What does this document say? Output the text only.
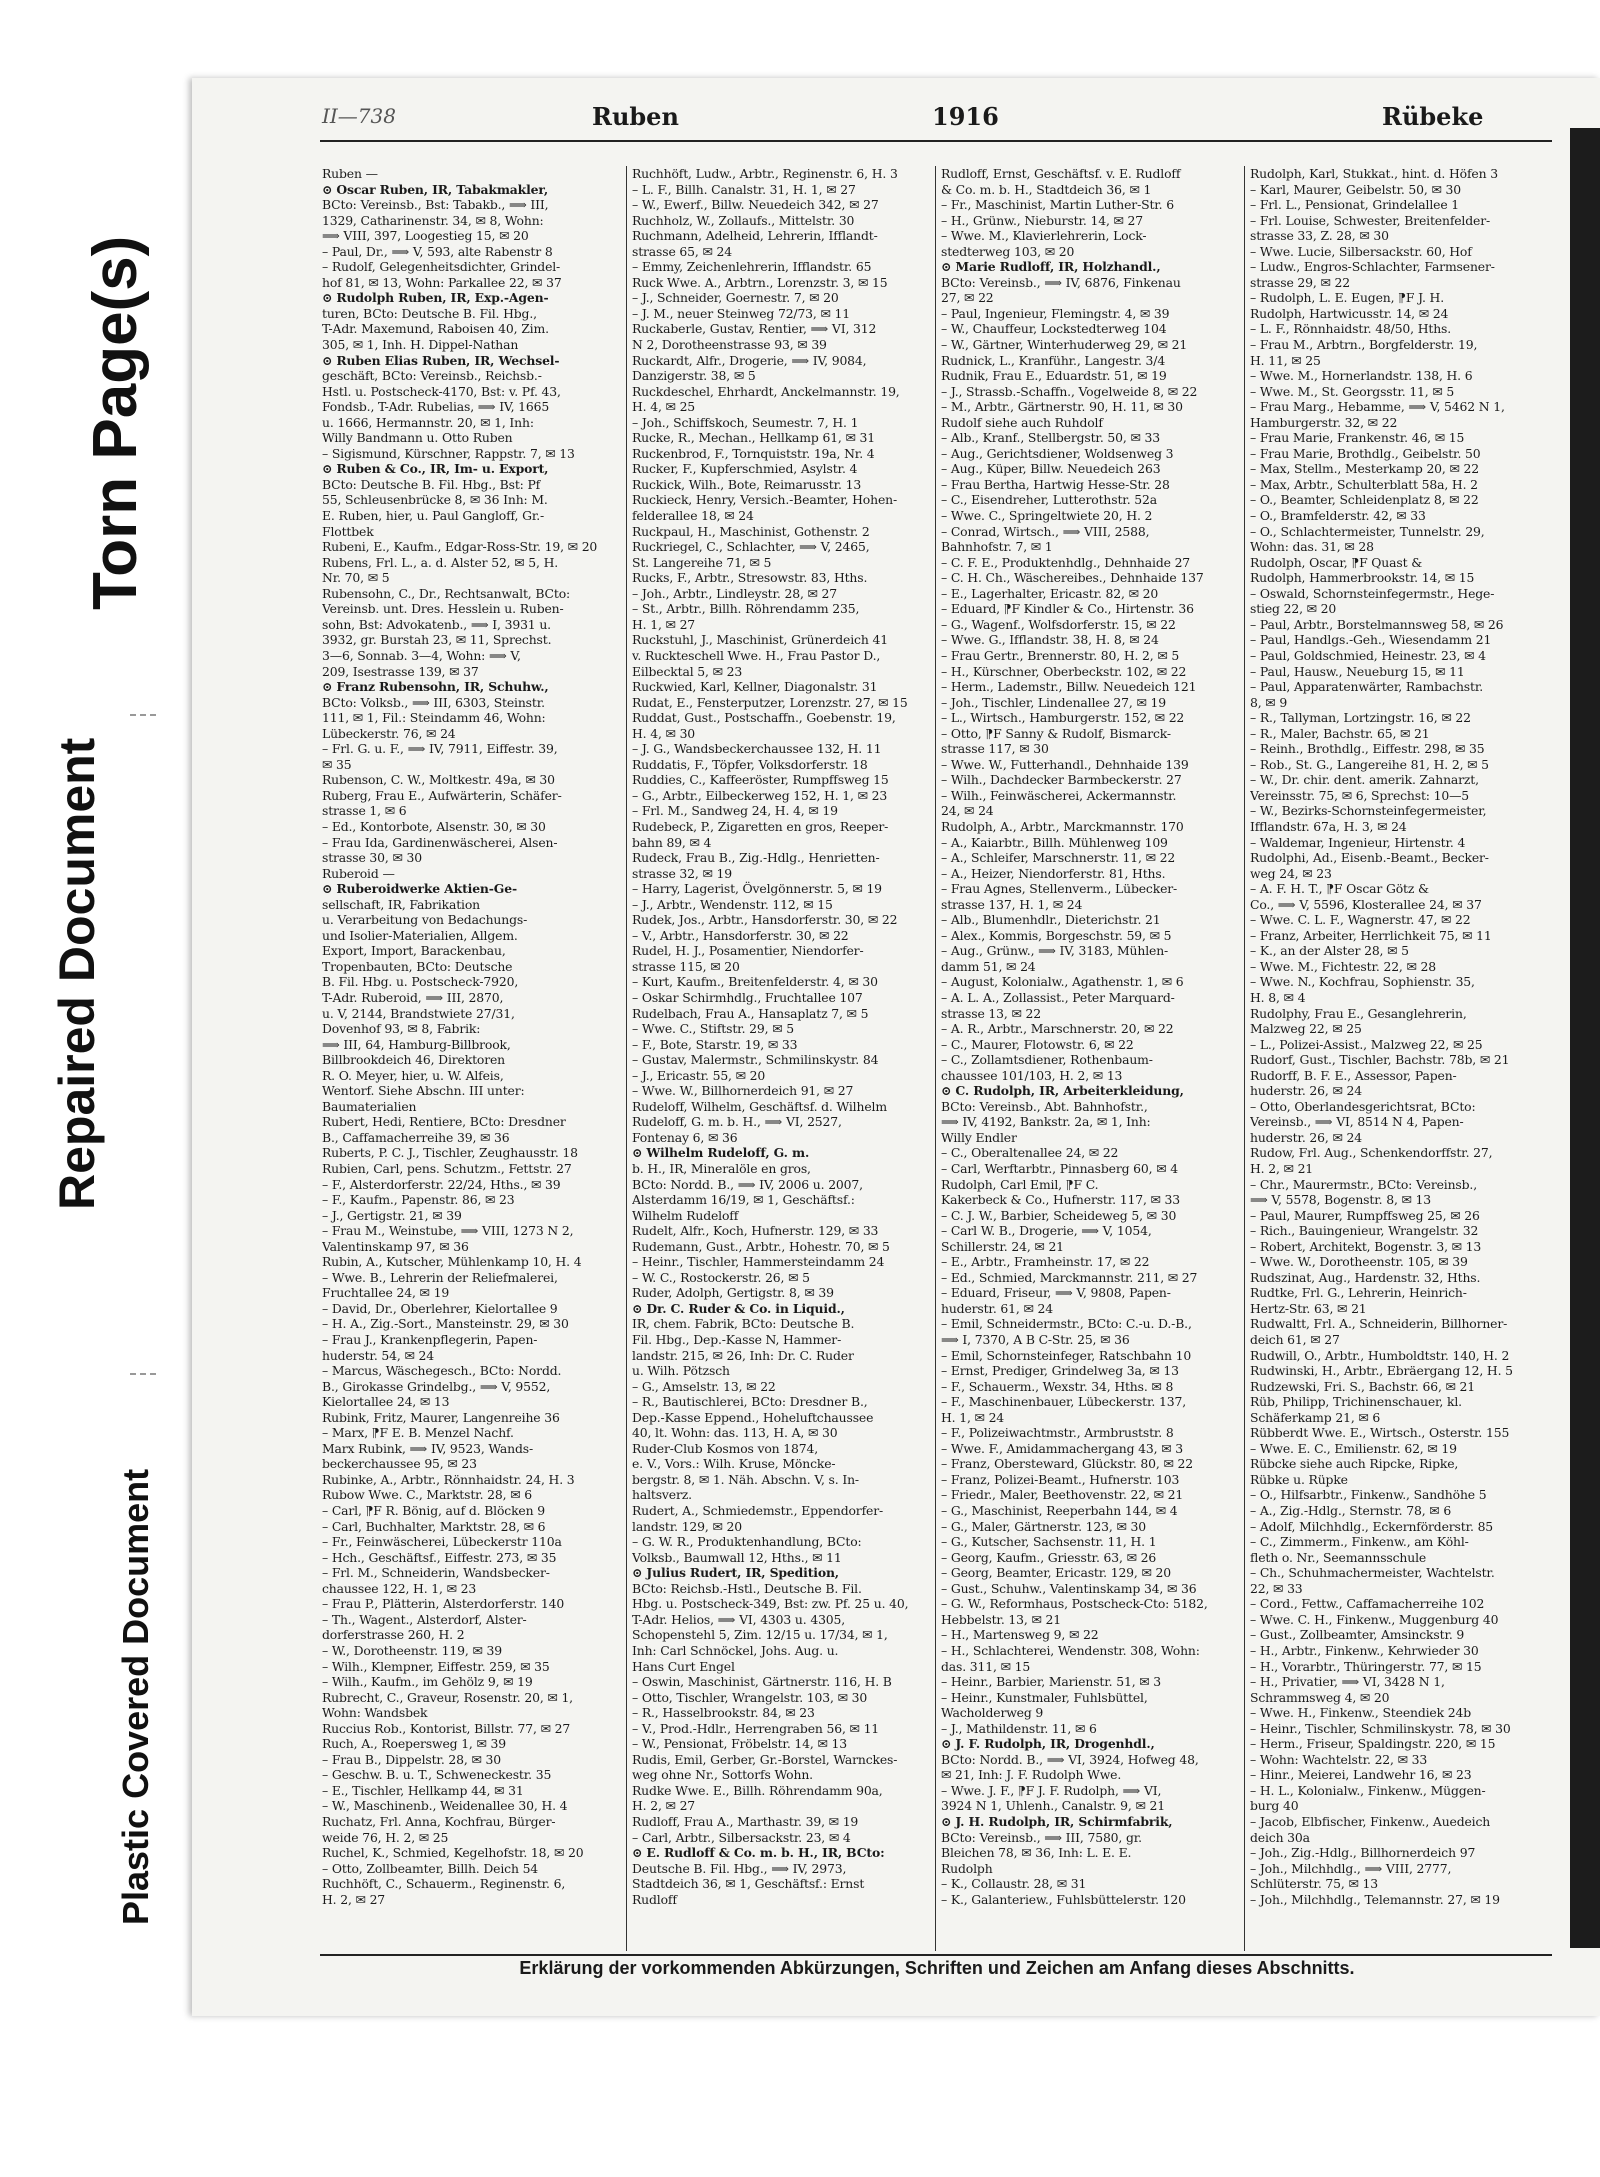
Torn Page(s)
Repaired Document
Plastic Covered Document
II—738	Ruben	1916	Rübeke
Ruben —
⊙ Oscar Ruben, IR, Tabakmakler,
BCto: Vereinsb., Bst: Tabakb., ⟹ III,
1329, Catharinenstr. 34, ✉ 8, Wohn:
⟹ VIII, 397, Loogestieg 15, ✉ 20
– Paul, Dr., ⟹ V, 593, alte Rabenstr 8
– Rudolf, Gelegenheitsdichter, Grindel-
hof 81, ✉ 13, Wohn: Parkallee 22, ✉ 37
⊙ Rudolph Ruben, IR, Exp.-Agen-
turen, BCto: Deutsche B. Fil. Hbg.,
T-Adr. Maxemund, Raboisen 40, Zim.
305, ✉ 1, Inh. H. Dippel-Nathan
⊙ Ruben Elias Ruben, IR, Wechsel-
geschäft, BCto: Vereinsb., Reichsb.-
Hstl. u. Postscheck-4170, Bst: v. Pf. 43,
Fondsb., T-Adr. Rubelias, ⟹ IV, 1665
u. 1666, Hermannstr. 20, ✉ 1, Inh:
Willy Bandmann u. Otto Ruben
– Sigismund, Kürschner, Rappstr. 7, ✉ 13
⊙ Ruben & Co., IR, Im- u. Export,
BCto: Deutsche B. Fil. Hbg., Bst: Pf
55, Schleusenbrücke 8, ✉ 36 Inh: M.
E. Ruben, hier, u. Paul Gangloff, Gr.-
Flottbek
Rubeni, E., Kaufm., Edgar-Ross-Str. 19, ✉ 20
Rubens, Frl. L., a. d. Alster 52, ✉ 5, H.
Nr. 70, ✉ 5
Rubensohn, C., Dr., Rechtsanwalt, BCto:
Vereinsb. unt. Dres. Hesslein u. Ruben-
sohn, Bst: Advokatenb., ⟹ I, 3931 u.
3932, gr. Burstah 23, ✉ 11, Sprechst.
3—6, Sonnab. 3—4, Wohn: ⟹ V,
209, Isestrasse 139, ✉ 37
⊙ Franz Rubensohn, IR, Schuhw.,
BCto: Volksb., ⟹ III, 6303, Steinstr.
111, ✉ 1, Fil.: Steindamm 46, Wohn:
Lübeckerstr. 76, ✉ 24
– Frl. G. u. F., ⟹ IV, 7911, Eiffestr. 39,
✉ 35
Rubenson, C. W., Moltkestr. 49a, ✉ 30
Ruberg, Frau E., Aufwärterin, Schäfer-
strasse 1, ✉ 6
– Ed., Kontorbote, Alsenstr. 30, ✉ 30
– Frau Ida, Gardinenwäscherei, Alsen-
strasse 30, ✉ 30
Ruberoid —
⊙ Ruberoidwerke Aktien-Ge-
sellschaft, IR, Fabrikation
u. Verarbeitung von Bedachungs-
und Isolier-Materialien, Allgem.
Export, Import, Barackenbau,
Tropenbauten, BCto: Deutsche
B. Fil. Hbg. u. Postscheck-7920,
T-Adr. Ruberoid, ⟹ III, 2870,
u. V, 2144, Brandstwiete 27/31,
Dovenhof 93, ✉ 8, Fabrik:
⟹ III, 64, Hamburg-Billbrook,
Billbrookdeich 46, Direktoren
R. O. Meyer, hier, u. W. Alfeis,
Wentorf. Siehe Abschn. III unter:
Baumaterialien
Rubert, Hedi, Rentiere, BCto: Dresdner
B., Caffamacherreihe 39, ✉ 36
Ruberts, P. C. J., Tischler, Zeughausstr. 18
Rubien, Carl, pens. Schutzm., Fettstr. 27
– F., Alsterdorferstr. 22/24, Hths., ✉ 39
– F., Kaufm., Papenstr. 86, ✉ 23
– J., Gertigstr. 21, ✉ 39
– Frau M., Weinstube, ⟹ VIII, 1273 N 2,
Valentinskamp 97, ✉ 36
Rubin, A., Kutscher, Mühlenkamp 10, H. 4
– Wwe. B., Lehrerin der Reliefmalerei,
Fruchtallee 24, ✉ 19
– David, Dr., Oberlehrer, Kielortallee 9
– H. A., Zig.-Sort., Mansteinstr. 29, ✉ 30
– Frau J., Krankenpflegerin, Papen-
huderstr. 54, ✉ 24
– Marcus, Wäschegesch., BCto: Nordd.
B., Girokasse Grindelbg., ⟹ V, 9552,
Kielortallee 24, ✉ 13
Rubink, Fritz, Maurer, Langenreihe 36
– Marx, ⁋F E. B. Menzel Nachf.
Marx Rubink, ⟹ IV, 9523, Wands-
beckerchaussee 95, ✉ 23
Rubinke, A., Arbtr., Rönnhaidstr. 24, H. 3
Rubow Wwe. C., Marktstr. 28, ✉ 6
– Carl, ⁋F R. Bönig, auf d. Blöcken 9
– Carl, Buchhalter, Marktstr. 28, ✉ 6
– Fr., Feinwäscherei, Lübeckerstr 110a
– Hch., Geschäftsf., Eiffestr. 273, ✉ 35
– Frl. M., Schneiderin, Wandsbecker-
chaussee 122, H. 1, ✉ 23
– Frau P., Plätterin, Alsterdorferstr. 140
– Th., Wagent., Alsterdorf, Alster-
dorferstrasse 260, H. 2
– W., Dorotheenstr. 119, ✉ 39
– Wilh., Klempner, Eiffestr. 259, ✉ 35
– Wilh., Kaufm., im Gehölz 9, ✉ 19
Rubrecht, C., Graveur, Rosenstr. 20, ✉ 1,
Wohn: Wandsbek
Ruccius Rob., Kontorist, Billstr. 77, ✉ 27
Ruch, A., Roepersweg 1, ✉ 39
– Frau B., Dippelstr. 28, ✉ 30
– Geschw. B. u. T., Schweneckestr. 35
– E., Tischler, Hellkamp 44, ✉ 31
– W., Maschinenb., Weidenallee 30, H. 4
Ruchatz, Frl. Anna, Kochfrau, Bürger-
weide 76, H. 2, ✉ 25
Ruchel, K., Schmied, Kegelhofstr. 18, ✉ 20
– Otto, Zollbeamter, Billh. Deich 54
Ruchhöft, C., Schauerm., Reginenstr. 6,
H. 2, ✉ 27
Ruchhöft, Ludw., Arbtr., Reginenstr. 6, H. 3
– L. F., Billh. Canalstr. 31, H. 1, ✉ 27
– W., Ewerf., Billw. Neuedeich 342, ✉ 27
Ruchholz, W., Zollaufs., Mittelstr. 30
Ruchmann, Adelheid, Lehrerin, Ifflandt-
strasse 65, ✉ 24
– Emmy, Zeichenlehrerin, Ifflandstr. 65
Ruck Wwe. A., Arbtrn., Lorenzstr. 3, ✉ 15
– J., Schneider, Goernestr. 7, ✉ 20
– J. M., neuer Steinweg 72/73, ✉ 11
Ruckaberle, Gustav, Rentier, ⟹ VI, 312
N 2, Dorotheenstrasse 93, ✉ 39
Ruckardt, Alfr., Drogerie, ⟹ IV, 9084,
Danzigerstr. 38, ✉ 5
Ruckdeschel, Ehrhardt, Anckelmannstr. 19,
H. 4, ✉ 25
– Joh., Schiffskoch, Seumestr. 7, H. 1
Rucke, R., Mechan., Hellkamp 61, ✉ 31
Ruckenbrod, F., Tornquiststr. 19a, Nr. 4
Rucker, F., Kupferschmied, Asylstr. 4
Ruckick, Wilh., Bote, Reimarusstr. 13
Ruckieck, Henry, Versich.-Beamter, Hohen-
felderallee 18, ✉ 24
Ruckpaul, H., Maschinist, Gothenstr. 2
Ruckriegel, C., Schlachter, ⟹ V, 2465,
St. Langereihe 71, ✉ 5
Rucks, F., Arbtr., Stresowstr. 83, Hths.
– Joh., Arbtr., Lindleystr. 28, ✉ 27
– St., Arbtr., Billh. Röhrendamm 235,
H. 1, ✉ 27
Ruckstuhl, J., Maschinist, Grünerdeich 41
v. Ruckteschell Wwe. H., Frau Pastor D.,
Eilbecktal 5, ✉ 23
Ruckwied, Karl, Kellner, Diagonalstr. 31
Rudat, E., Fensterputzer, Lorenzstr. 27, ✉ 15
Ruddat, Gust., Postschaffn., Goebenstr. 19,
H. 4, ✉ 30
– J. G., Wandsbeckerchaussee 132, H. 11
Ruddatis, F., Töpfer, Volksdorferstr. 18
Ruddies, C., Kaffeeröster, Rumpffsweg 15
– G., Arbtr., Eilbeckerweg 152, H. 1, ✉ 23
– Frl. M., Sandweg 24, H. 4, ✉ 19
Rudebeck, P., Zigaretten en gros, Reeper-
bahn 89, ✉ 4
Rudeck, Frau B., Zig.-Hdlg., Henrietten-
strasse 32, ✉ 19
– Harry, Lagerist, Övelgönnerstr. 5, ✉ 19
– J., Arbtr., Wendenstr. 112, ✉ 15
Rudek, Jos., Arbtr., Hansdorferstr. 30, ✉ 22
– V., Arbtr., Hansdorferstr. 30, ✉ 22
Rudel, H. J., Posamentier, Niendorfer-
strasse 115, ✉ 20
– Kurt, Kaufm., Breitenfelderstr. 4, ✉ 30
– Oskar Schirmhdlg., Fruchtallee 107
Rudelbach, Frau A., Hansaplatz 7, ✉ 5
– Wwe. C., Stiftstr. 29, ✉ 5
– F., Bote, Starstr. 19, ✉ 33
– Gustav, Malermstr., Schmilinskystr. 84
– J., Ericastr. 55, ✉ 20
– Wwe. W., Billhornerdeich 91, ✉ 27
Rudeloff, Wilhelm, Geschäftsf. d. Wilhelm
Rudeloff, G. m. b. H., ⟹ VI, 2527,
Fontenay 6, ✉ 36
⊙ Wilhelm Rudeloff, G. m.
b. H., IR, Mineralöle en gros,
BCto: Nordd. B., ⟹ IV, 2006 u. 2007,
Alsterdamm 16/19, ✉ 1, Geschäftsf.:
Wilhelm Rudeloff
Rudelt, Alfr., Koch, Hufnerstr. 129, ✉ 33
Rudemann, Gust., Arbtr., Hohestr. 70, ✉ 5
– Heinr., Tischler, Hammersteindamm 24
– W. C., Rostockerstr. 26, ✉ 5
Ruder, Adolph, Gertigstr. 8, ✉ 39
⊙ Dr. C. Ruder & Co. in Liquid.,
IR, chem. Fabrik, BCto: Deutsche B.
Fil. Hbg., Dep.-Kasse N, Hammer-
landstr. 215, ✉ 26, Inh: Dr. C. Ruder
u. Wilh. Pötzsch
– G., Amselstr. 13, ✉ 22
– R., Bautischlerei, BCto: Dresdner B.,
Dep.-Kasse Eppend., Hoheluftchaussee
40, lt. Wohn: das. 113, H. A, ✉ 30
Ruder-Club Kosmos von 1874,
e. V., Vors.: Wilh. Kruse, Möncke-
bergstr. 8, ✉ 1. Näh. Abschn. V, s. In-
haltsverz.
Rudert, A., Schmiedemstr., Eppendorfer-
landstr. 129, ✉ 20
– G. W. R., Produktenhandlung, BCto:
Volksb., Baumwall 12, Hths., ✉ 11
⊙ Julius Rudert, IR, Spedition,
BCto: Reichsb.-Hstl., Deutsche B. Fil.
Hbg. u. Postscheck-349, Bst: zw. Pf. 25 u. 40,
T-Adr. Helios, ⟹ VI, 4303 u. 4305,
Schopenstehl 5, Zim. 12/15 u. 17/34, ✉ 1,
Inh: Carl Schnöckel, Johs. Aug. u.
Hans Curt Engel
– Oswin, Maschinist, Gärtnerstr. 116, H. B
– Otto, Tischler, Wrangelstr. 103, ✉ 30
– R., Hasselbrookstr. 84, ✉ 23
– V., Prod.-Hdlr., Herrengraben 56, ✉ 11
– W., Pensionat, Fröbelstr. 14, ✉ 13
Rudis, Emil, Gerber, Gr.-Borstel, Warnckes-
weg ohne Nr., Sottorfs Wohn.
Rudke Wwe. E., Billh. Röhrendamm 90a,
H. 2, ✉ 27
Rudloff, Frau A., Marthastr. 39, ✉ 19
– Carl, Arbtr., Silbersackstr. 23, ✉ 4
⊙ E. Rudloff & Co. m. b. H., IR, BCto:
Deutsche B. Fil. Hbg., ⟹ IV, 2973,
Stadtdeich 36, ✉ 1, Geschäftsf.: Ernst
Rudloff
Rudloff, Ernst, Geschäftsf. v. E. Rudloff
& Co. m. b. H., Stadtdeich 36, ✉ 1
– Fr., Maschinist, Martin Luther-Str. 6
– H., Grünw., Nieburstr. 14, ✉ 27
– Wwe. M., Klavierlehrerin, Lock-
stedterweg 103, ✉ 20
⊙ Marie Rudloff, IR, Holzhandl.,
BCto: Vereinsb., ⟹ IV, 6876, Finkenau
27, ✉ 22
– Paul, Ingenieur, Flemingstr. 4, ✉ 39
– W., Chauffeur, Lockstedterweg 104
– W., Gärtner, Winterhuderweg 29, ✉ 21
Rudnick, L., Kranführ., Langestr. 3/4
Rudnik, Frau E., Eduardstr. 51, ✉ 19
– J., Strassb.-Schaffn., Vogelweide 8, ✉ 22
– M., Arbtr., Gärtnerstr. 90, H. 11, ✉ 30
Rudolf siehe auch Ruhdolf
– Alb., Kranf., Stellbergstr. 50, ✉ 33
– Aug., Gerichtsdiener, Woldsenweg 3
– Aug., Küper, Billw. Neuedeich 263
– Frau Bertha, Hartwig Hesse-Str. 28
– C., Eisendreher, Lutterothstr. 52a
– Wwe. C., Springeltwiete 20, H. 2
– Conrad, Wirtsch., ⟹ VIII, 2588,
Bahnhofstr. 7, ✉ 1
– C. F. E., Produktenhdlg., Dehnhaide 27
– C. H. Ch., Wäschereibes., Dehnhaide 137
– E., Lagerhalter, Ericastr. 82, ✉ 20
– Eduard, ⁋F Kindler & Co., Hirtenstr. 36
– G., Wagenf., Wolfsdorferstr. 15, ✉ 22
– Wwe. G., Ifflandstr. 38, H. 8, ✉ 24
– Frau Gertr., Brennerstr. 80, H. 2, ✉ 5
– H., Kürschner, Oberbeckstr. 102, ✉ 22
– Herm., Lademstr., Billw. Neuedeich 121
– Joh., Tischler, Lindenallee 27, ✉ 19
– L., Wirtsch., Hamburgerstr. 152, ✉ 22
– Otto, ⁋F Sanny & Rudolf, Bismarck-
strasse 117, ✉ 30
– Wwe. W., Futterhandl., Dehnhaide 139
– Wilh., Dachdecker Barmbeckerstr. 27
– Wilh., Feinwäscherei, Ackermannstr.
24, ✉ 24
Rudolph, A., Arbtr., Marckmannstr. 170
– A., Kaiarbtr., Billh. Mühlenweg 109
– A., Schleifer, Marschnerstr. 11, ✉ 22
– A., Heizer, Niendorferstr. 81, Hths.
– Frau Agnes, Stellenverm., Lübecker-
strasse 137, H. 1, ✉ 24
– Alb., Blumenhdlr., Dieterichstr. 21
– Alex., Kommis, Borgeschstr. 59, ✉ 5
– Aug., Grünw., ⟹ IV, 3183, Mühlen-
damm 51, ✉ 24
– August, Kolonialw., Agathenstr. 1, ✉ 6
– A. L. A., Zollassist., Peter Marquard-
strasse 13, ✉ 22
– A. R., Arbtr., Marschnerstr. 20, ✉ 22
– C., Maurer, Flotowstr. 6, ✉ 22
– C., Zollamtsdiener, Rothenbaum-
chaussee 101/103, H. 2, ✉ 13
⊙ C. Rudolph, IR, Arbeiterkleidung,
BCto: Vereinsb., Abt. Bahnhofstr.,
⟹ IV, 4192, Bankstr. 2a, ✉ 1, Inh:
Willy Endler
– C., Oberaltenallee 24, ✉ 22
– Carl, Werftarbtr., Pinnasberg 60, ✉ 4
Rudolph, Carl Emil, ⁋F C.
Kakerbeck & Co., Hufnerstr. 117, ✉ 33
– C. J. W., Barbier, Scheideweg 5, ✉ 30
– Carl W. B., Drogerie, ⟹ V, 1054,
Schillerstr. 24, ✉ 21
– E., Arbtr., Framheinstr. 17, ✉ 22
– Ed., Schmied, Marckmannstr. 211, ✉ 27
– Eduard, Friseur, ⟹ V, 9808, Papen-
huderstr. 61, ✉ 24
– Emil, Schneidermstr., BCto: C.-u. D.-B.,
⟹ I, 7370, A B C-Str. 25, ✉ 36
– Emil, Schornsteinfeger, Ratschbahn 10
– Ernst, Prediger, Grindelweg 3a, ✉ 13
– F., Schauerm., Wexstr. 34, Hths. ✉ 8
– F., Maschinenbauer, Lübeckerstr. 137,
H. 1, ✉ 24
– F., Polizeiwachtmstr., Armbruststr. 8
– Wwe. F., Amidammachergang 43, ✉ 3
– Franz, Obersteward, Glückstr. 80, ✉ 22
– Franz, Polizei-Beamt., Hufnerstr. 103
– Friedr., Maler, Beethovenstr. 22, ✉ 21
– G., Maschinist, Reeperbahn 144, ✉ 4
– G., Maler, Gärtnerstr. 123, ✉ 30
– G., Kutscher, Sachsenstr. 11, H. 1
– Georg, Kaufm., Griesstr. 63, ✉ 26
– Georg, Beamter, Ericastr. 129, ✉ 20
– Gust., Schuhw., Valentinskamp 34, ✉ 36
– G. W., Reformhaus, Postscheck-Cto: 5182,
Hebbelstr. 13, ✉ 21
– H., Martensweg 9, ✉ 22
– H., Schlachterei, Wendenstr. 308, Wohn:
das. 311, ✉ 15
– Heinr., Barbier, Marienstr. 51, ✉ 3
– Heinr., Kunstmaler, Fuhlsbüttel,
Wacholderweg 9
– J., Mathildenstr. 11, ✉ 6
⊙ J. F. Rudolph, IR, Drogenhdl.,
BCto: Nordd. B., ⟹ VI, 3924, Hofweg 48,
✉ 21, Inh: J. F. Rudolph Wwe.
– Wwe. J. F., ⁋F J. F. Rudolph, ⟹ VI,
3924 N 1, Uhlenh., Canalstr. 9, ✉ 21
⊙ J. H. Rudolph, IR, Schirmfabrik,
BCto: Vereinsb., ⟹ III, 7580, gr.
Bleichen 78, ✉ 36, Inh: L. E. E.
Rudolph
– K., Collaustr. 28, ✉ 31
– K., Galanteriew., Fuhlsbüttelerstr. 120
Rudolph, Karl, Stukkat., hint. d. Höfen 3
– Karl, Maurer, Geibelstr. 50, ✉ 30
– Frl. L., Pensionat, Grindelallee 1
– Frl. Louise, Schwester, Breitenfelder-
strasse 33, Z. 28, ✉ 30
– Wwe. Lucie, Silbersackstr. 60, Hof
– Ludw., Engros-Schlachter, Farmsener-
strasse 29, ✉ 22
– Rudolph, L. E. Eugen, ⁋F J. H.
Rudolph, Hartwicusstr. 14, ✉ 24
– L. F., Rönnhaidstr. 48/50, Hths.
– Frau M., Arbtrn., Borgfelderstr. 19,
H. 11, ✉ 25
– Wwe. M., Hornerlandstr. 138, H. 6
– Wwe. M., St. Georgsstr. 11, ✉ 5
– Frau Marg., Hebamme, ⟹ V, 5462 N 1,
Hamburgerstr. 32, ✉ 22
– Frau Marie, Frankenstr. 46, ✉ 15
– Frau Marie, Brothdlg., Geibelstr. 50
– Max, Stellm., Mesterkamp 20, ✉ 22
– Max, Arbtr., Schulterblatt 58a, H. 2
– O., Beamter, Schleidenplatz 8, ✉ 22
– O., Bramfelderstr. 42, ✉ 33
– O., Schlachtermeister, Tunnelstr. 29,
Wohn: das. 31, ✉ 28
Rudolph, Oscar, ⁋F Quast &
Rudolph, Hammerbrookstr. 14, ✉ 15
– Oswald, Schornsteinfegermstr., Hege-
stieg 22, ✉ 20
– Paul, Arbtr., Borstelmannsweg 58, ✉ 26
– Paul, Handlgs.-Geh., Wiesendamm 21
– Paul, Goldschmied, Heinestr. 23, ✉ 4
– Paul, Hausw., Neueburg 15, ✉ 11
– Paul, Apparatenwärter, Rambachstr.
8, ✉ 9
– R., Tallyman, Lortzingstr. 16, ✉ 22
– R., Maler, Bachstr. 65, ✉ 21
– Reinh., Brothdlg., Eiffestr. 298, ✉ 35
– Rob., St. G., Langereihe 81, H. 2, ✉ 5
– W., Dr. chir. dent. amerik. Zahnarzt,
Vereinsstr. 75, ✉ 6, Sprechst: 10—5
– W., Bezirks-Schornsteinfegermeister,
Ifflandstr. 67a, H. 3, ✉ 24
– Waldemar, Ingenieur, Hirtenstr. 4
Rudolphi, Ad., Eisenb.-Beamt., Becker-
weg 24, ✉ 23
– A. F. H. T., ⁋F Oscar Götz &
Co., ⟹ V, 5596, Klosterallee 24, ✉ 37
– Wwe. C. L. F., Wagnerstr. 47, ✉ 22
– Franz, Arbeiter, Herrlichkeit 75, ✉ 11
– K., an der Alster 28, ✉ 5
– Wwe. M., Fichtestr. 22, ✉ 28
– Wwe. N., Kochfrau, Sophienstr. 35,
H. 8, ✉ 4
Rudolphy, Frau E., Gesanglehrerin,
Malzweg 22, ✉ 25
– L., Polizei-Assist., Malzweg 22, ✉ 25
Rudorf, Gust., Tischler, Bachstr. 78b, ✉ 21
Rudorff, B. F. E., Assessor, Papen-
huderstr. 26, ✉ 24
– Otto, Oberlandesgerichtsrat, BCto:
Vereinsb., ⟹ VI, 8514 N 4, Papen-
huderstr. 26, ✉ 24
Rudow, Frl. Aug., Schenkendorffstr. 27,
H. 2, ✉ 21
– Chr., Maurermstr., BCto: Vereinsb.,
⟹ V, 5578, Bogenstr. 8, ✉ 13
– Paul, Maurer, Rumpffsweg 25, ✉ 26
– Rich., Bauingenieur, Wrangelstr. 32
– Robert, Architekt, Bogenstr. 3, ✉ 13
– Wwe. W., Dorotheenstr. 105, ✉ 39
Rudszinat, Aug., Hardenstr. 32, Hths.
Rudtke, Frl. G., Lehrerin, Heinrich-
Hertz-Str. 63, ✉ 21
Rudwaltt, Frl. A., Schneiderin, Billhorner-
deich 61, ✉ 27
Rudwill, O., Arbtr., Humboldtstr. 140, H. 2
Rudwinski, H., Arbtr., Ebräergang 12, H. 5
Rudzewski, Fri. S., Bachstr. 66, ✉ 21
Rüb, Philipp, Trichinenschauer, kl.
Schäferkamp 21, ✉ 6
Rübberdt Wwe. E., Wirtsch., Osterstr. 155
– Wwe. E. C., Emilienstr. 62, ✉ 19
Rübcke siehe auch Ripcke, Ripke,
Rübke u. Rüpke
– O., Hilfsarbtr., Finkenw., Sandhöhe 5
– A., Zig.-Hdlg., Sternstr. 78, ✉ 6
– Adolf, Milchhdlg., Eckernförderstr. 85
– C., Zimmerm., Finkenw., am Köhl-
fleth o. Nr., Seemannsschule
– Ch., Schuhmachermeister, Wachtelstr.
22, ✉ 33
– Cord., Fettw., Caffamacherreihe 102
– Wwe. C. H., Finkenw., Muggenburg 40
– Gust., Zollbeamter, Amsinckstr. 9
– H., Arbtr., Finkenw., Kehrwieder 30
– H., Vorarbtr., Thüringerstr. 77, ✉ 15
– H., Privatier, ⟹ VI, 3428 N 1,
Schrammsweg 4, ✉ 20
– Wwe. H., Finkenw., Steendiek 24b
– Heinr., Tischler, Schmilinskystr. 78, ✉ 30
– Herm., Friseur, Spaldingstr. 220, ✉ 15
– Wohn: Wachtelstr. 22, ✉ 33
– Hinr., Meierei, Landwehr 16, ✉ 23
– H. L., Kolonialw., Finkenw., Müggen-
burg 40
– Jacob, Elbfischer, Finkenw., Auedeich
deich 30a
– Joh., Zig.-Hdlg., Billhornerdeich 97
– Joh., Milchhdlg., ⟹ VIII, 2777,
Schlüterstr. 75, ✉ 13
– Joh., Milchhdlg., Telemannstr. 27, ✉ 19
Erklärung der vorkommenden Abkürzungen, Schriften und Zeichen am Anfang dieses Abschnitts.
